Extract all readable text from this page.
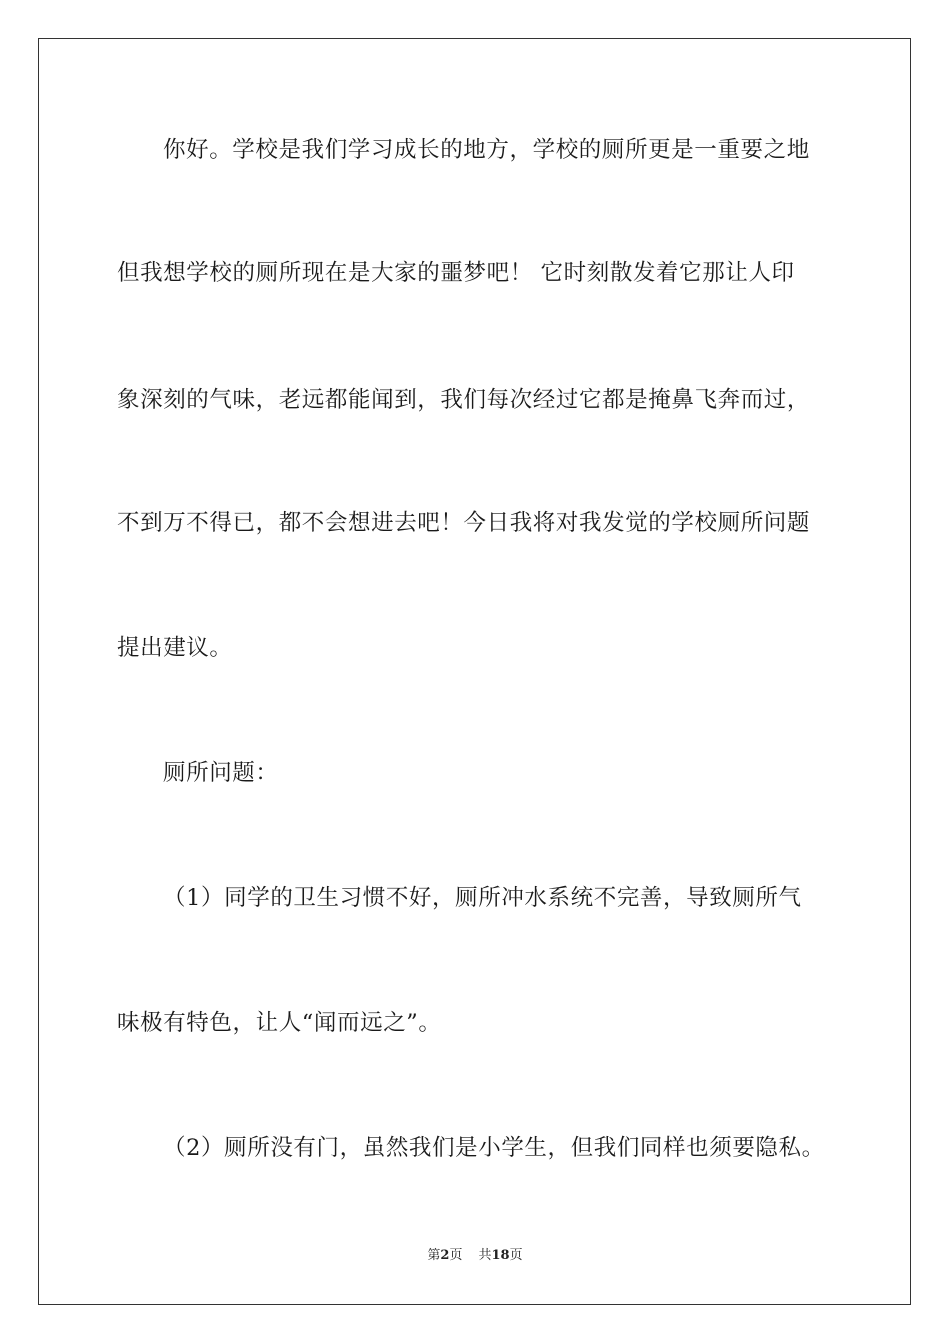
你好。学校是我们学习成长的地方，学校的厕所更是一重要之地
但我想学校的厕所现在是大家的噩梦吧！ 它时刻散发着它那让人印
象深刻的气味，老远都能闻到，我们每次经过它都是掩鼻飞奔而过，
不到万不得已，都不会想进去吧！今日我将对我发觉的学校厕所问题
提出建议。
厕所问题：
（1）同学的卫生习惯不好，厕所冲水系统不完善，导致厕所气
味极有特色，让人“闻而远之”。
（2）厕所没有门，虽然我们是小学生，但我们同样也须要隐私。
第2页 共18页
